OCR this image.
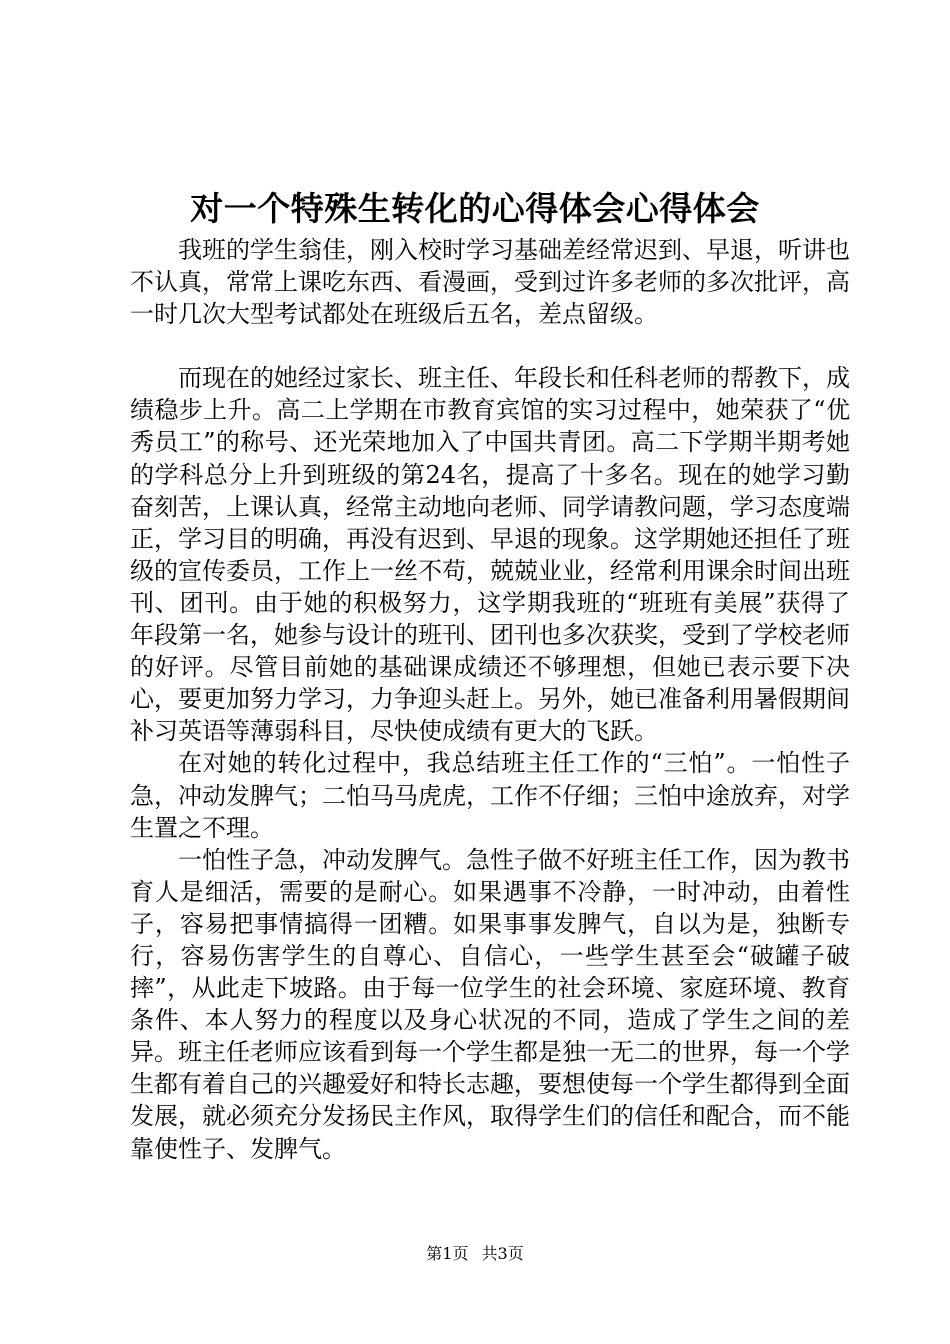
对一个特殊生转化的心得体会心得体会

我班的学生翁佳，刚入校时学习基础差经常迟到、早退，听讲也不认真，常常上课吃东西、看漫画，受到过许多老师的多次批评，高一时几次大型考试都处在班级后五名，差点留级。

而现在的她经过家长、班主任、年段长和任科老师的帮教下，成绩稳步上升。高二上学期在市教育宾馆的实习过程中，她荣获了“优秀员工”的称号、还光荣地加入了中国共青团。高二下学期半期考她的学科总分上升到班级的第24名，提高了十多名。现在的她学习勤奋刻苦，上课认真，经常主动地向老师、同学请教问题，学习态度端正，学习目的明确，再没有迟到、早退的现象。这学期她还担任了班级的宣传委员，工作上一丝不苟，兢兢业业，经常利用课余时间出班刊、团刊。由于她的积极努力，这学期我班的“班班有美展”获得了年段第一名，她参与设计的班刊、团刊也多次获奖，受到了学校老师的好评。尽管目前她的基础课成绩还不够理想，但她已表示要下决心，要更加努力学习，力争迎头赶上。另外，她已准备利用暑假期间补习英语等薄弱科目，尽快使成绩有更大的飞跃。

在对她的转化过程中，我总结班主任工作的“三怕”。一怕性子急，冲动发脾气；二怕马马虎虎，工作不仔细；三怕中途放弃，对学生置之不理。

一怕性子急，冲动发脾气。急性子做不好班主任工作，因为教书育人是细活，需要的是耐心。如果遇事不冷静，一时冲动，由着性子，容易把事情搞得一团糟。如果事事发脾气，自以为是，独断专行，容易伤害学生的自尊心、自信心，一些学生甚至会“破罐子破摔”，从此走下坡路。由于每一位学生的社会环境、家庭环境、教育条件、本人努力的程度以及身心状况的不同，造成了学生之间的差异。班主任老师应该看到每一个学生都是独一无二的世界，每一个学生都有着自己的兴趣爱好和特长志趣，要想使每一个学生都得到全面发展，就必须充分发扬民主作风，取得学生们的信任和配合，而不能靠使性子、发脾气。

第1页 共3页
